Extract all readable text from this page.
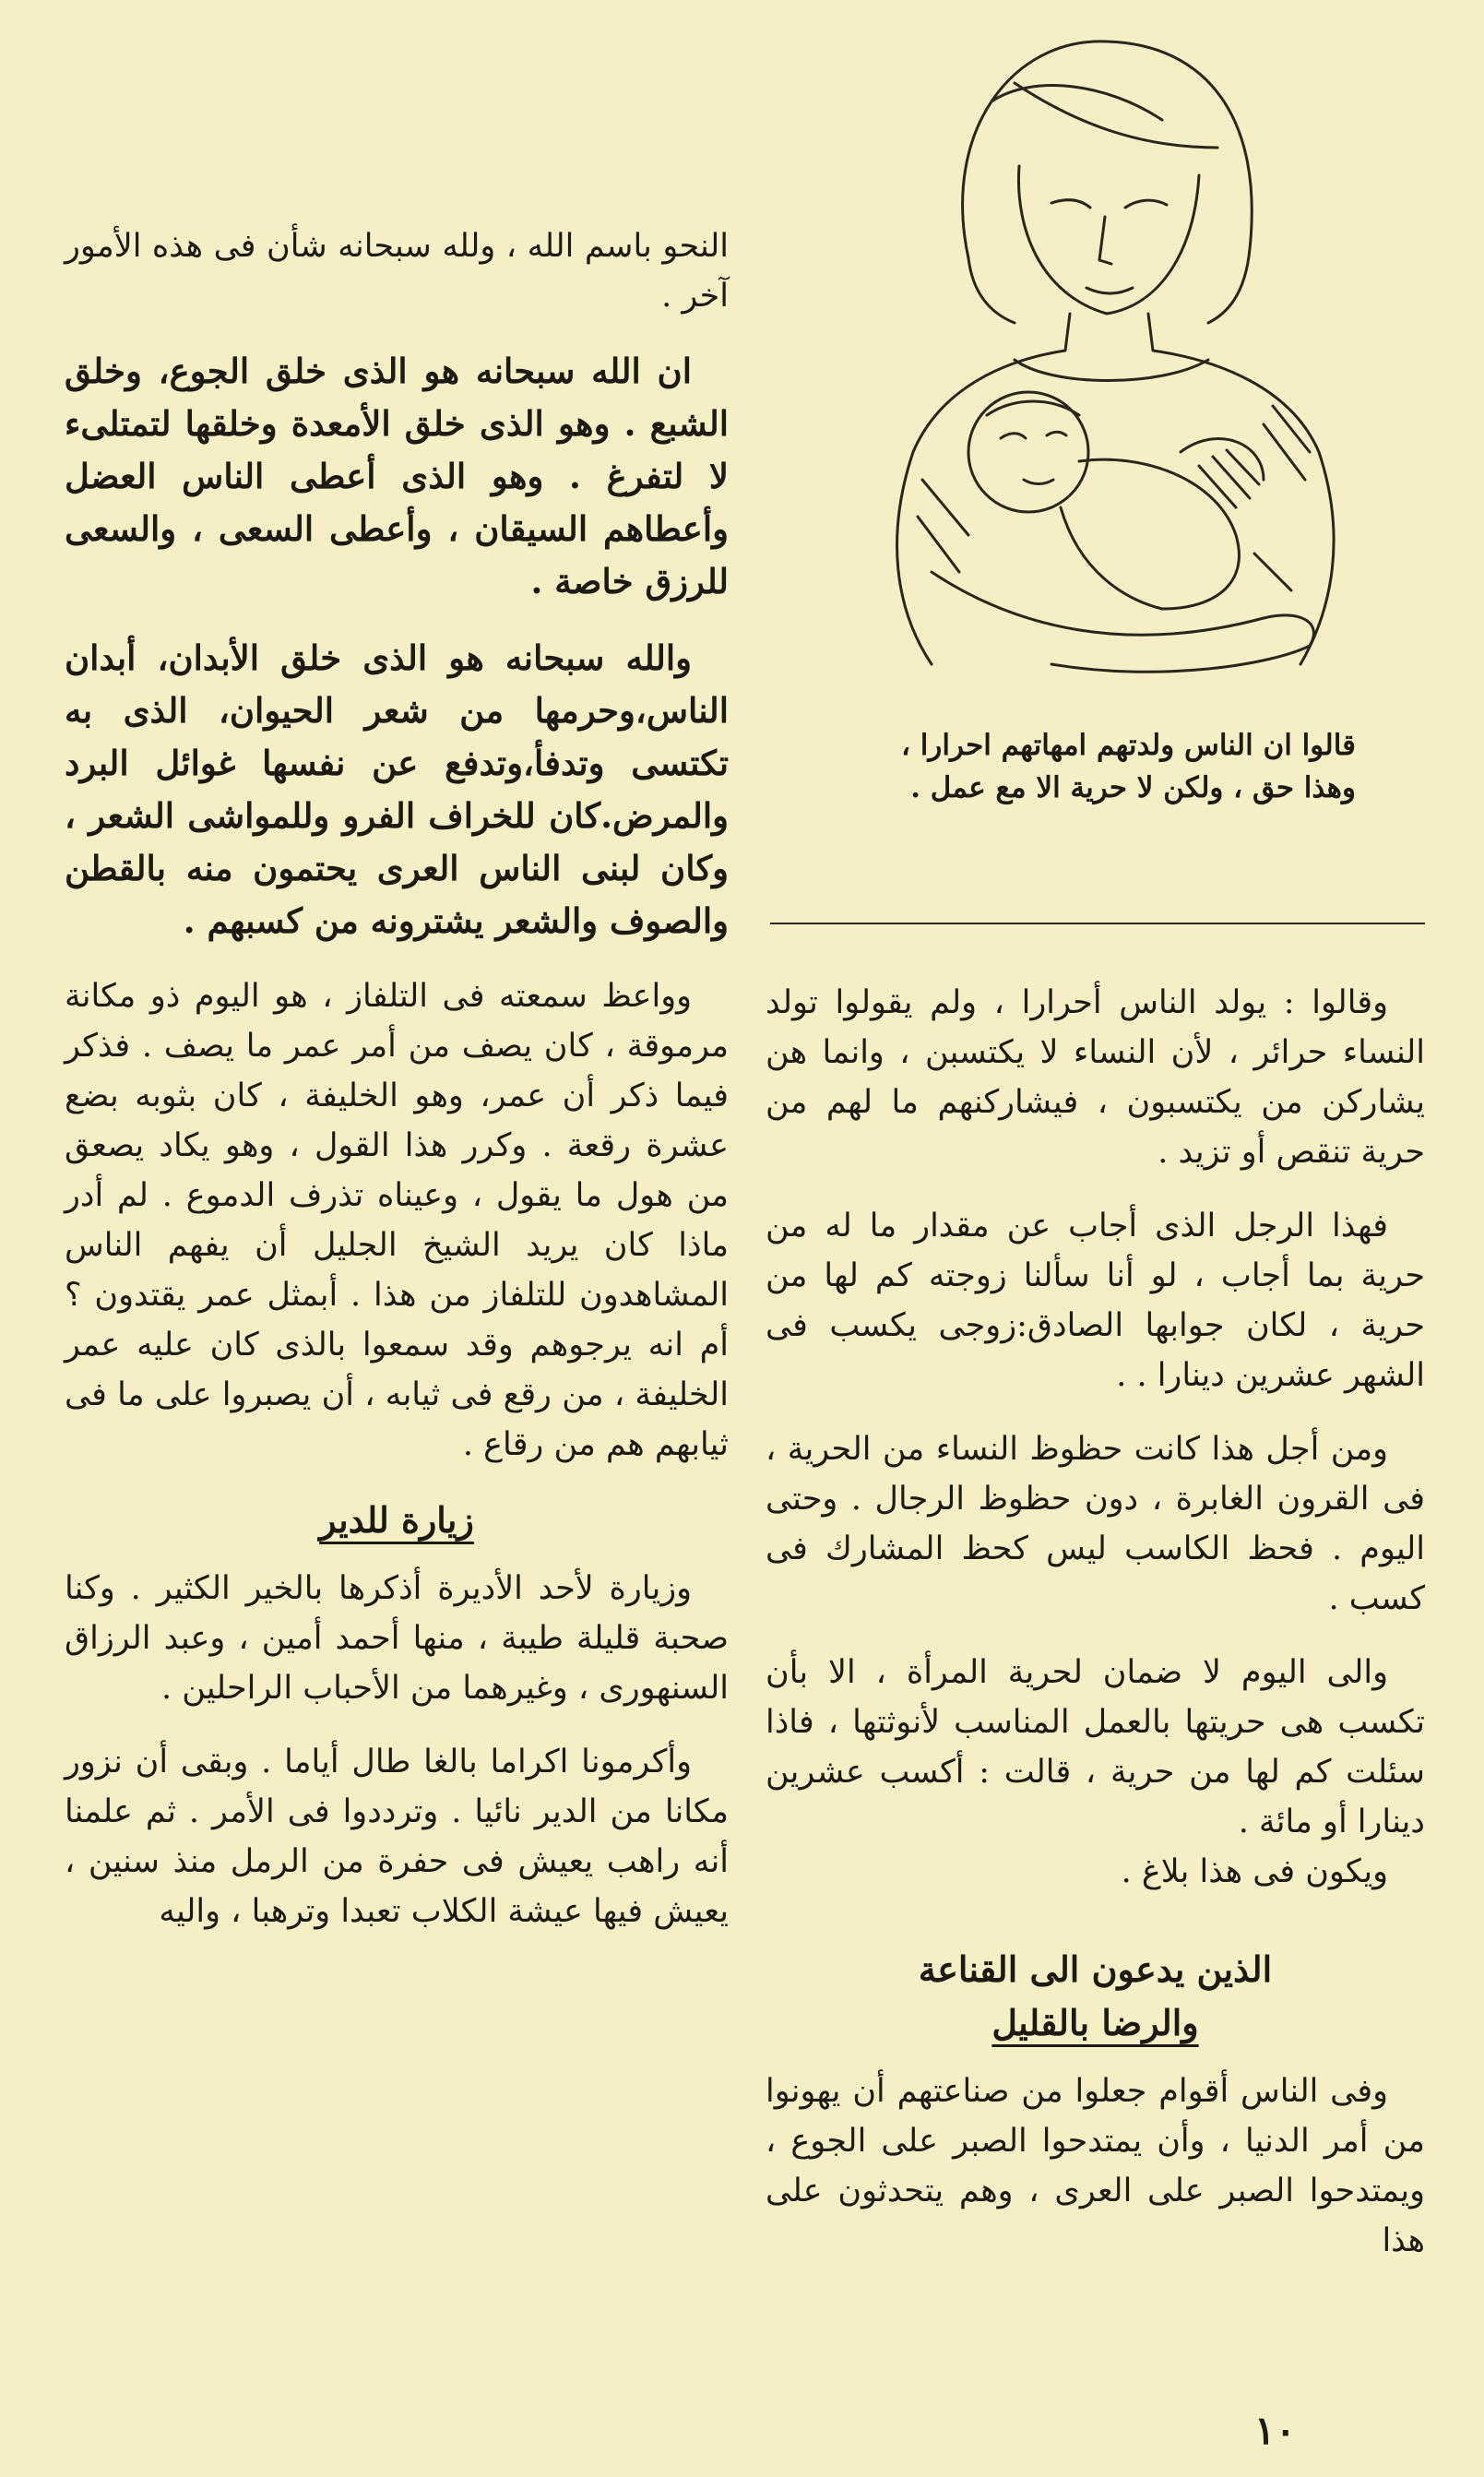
قالوا ان الناس ولدتهم امهاتهم احرارا ،
وهذا حق ، ولكن لا حرية الا مع عمل .

النحو باسم الله ، ولله سبحانه شأن فى هذه الأمور آخر .

ان الله سبحانه هو الذى خلق الجوع، وخلق الشبع . وهو الذى خلق الأمعدة وخلقها لتمتلىء لا لتفرغ . وهو الذى أعطى الناس العضل وأعطاهم السيقان ، وأعطى السعى ، والسعى للرزق خاصة .

والله سبحانه هو الذى خلق الأبدان، أبدان الناس،وحرمها من شعر الحيوان، الذى به تكتسى وتدفأ،وتدفع عن نفسها غوائل البرد والمرض.كان للخراف الفرو وللمواشى الشعر ، وكان لبنى الناس العرى يحتمون منه بالقطن والصوف والشعر يشترونه من كسبهم .

وواعظ سمعته فى التلفاز ، هو اليوم ذو مكانة مرموقة ، كان يصف من أمر عمر ما يصف . فذكر فيما ذكر أن عمر، وهو الخليفة ، كان بثوبه بضع عشرة رقعة . وكرر هذا القول ، وهو يكاد يصعق من هول ما يقول ، وعيناه تذرف الدموع . لم أدر ماذا كان يريد الشيخ الجليل أن يفهم الناس المشاهدون للتلفاز من هذا . أبمثل عمر يقتدون ؟ أم انه يرجوهم وقد سمعوا بالذى كان عليه عمر الخليفة ، من رقع فى ثيابه ، أن يصبروا على ما فى ثيابهم هم من رقاع .

زيارة للدير

وزيارة لأحد الأديرة أذكرها بالخير الكثير . وكنا صحبة قليلة طيبة ، منها أحمد أمين ، وعبد الرزاق السنهورى ، وغيرهما من الأحباب الراحلين .

وأكرمونا اكراما بالغا طال أياما . وبقى أن نزور مكانا من الدير نائيا . وترددوا فى الأمر . ثم علمنا أنه راهب يعيش فى حفرة من الرمل منذ سنين ، يعيش فيها عيشة الكلاب تعبدا وترهبا ، واليه

وقالوا : يولد الناس أحرارا ، ولم يقولوا تولد النساء حرائر ، لأن النساء لا يكتسبن ، وانما هن يشاركن من يكتسبون ، فيشاركنهم ما لهم من حرية تنقص أو تزيد .

فهذا الرجل الذى أجاب عن مقدار ما له من حرية بما أجاب ، لو أنا سألنا زوجته كم لها من حرية ، لكان جوابها الصادق:زوجى يكسب فى الشهر عشرين دينارا . .

ومن أجل هذا كانت حظوظ النساء من الحرية ، فى القرون الغابرة ، دون حظوظ الرجال . وحتى اليوم . فحظ الكاسب ليس كحظ المشارك فى كسب .

والى اليوم لا ضمان لحرية المرأة ، الا بأن تكسب هى حريتها بالعمل المناسب لأنوثتها ، فاذا سئلت كم لها من حرية ، قالت : أكسب عشرين دينارا أو مائة .

ويكون فى هذا بلاغ .

الذين يدعون الى القناعة
والرضا بالقليل

وفى الناس أقوام جعلوا من صناعتهم أن يهونوا من أمر الدنيا ، وأن يمتدحوا الصبر على الجوع ، ويمتدحوا الصبر على العرى ، وهم يتحدثون على هذا

١٠
